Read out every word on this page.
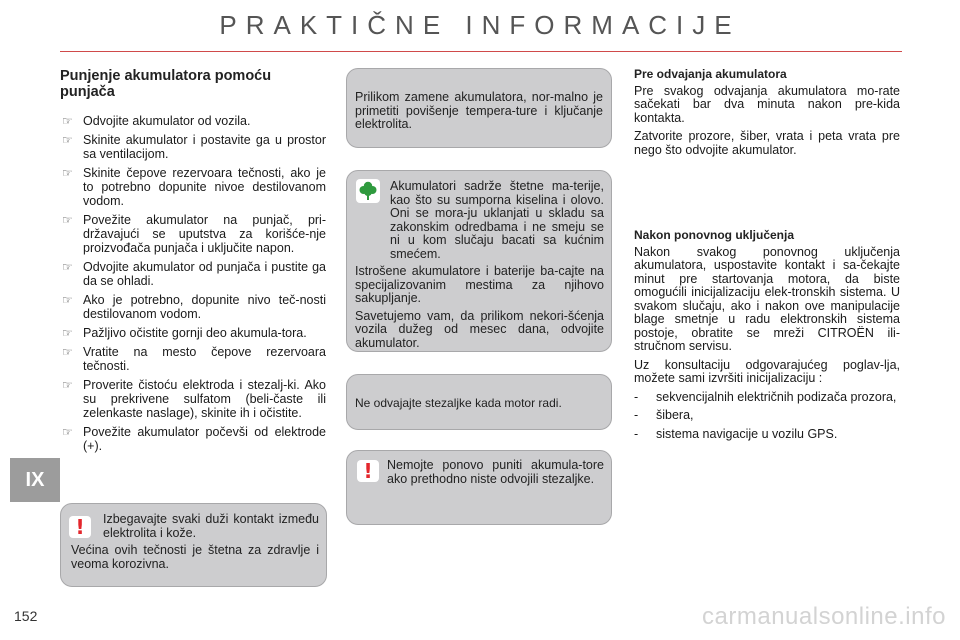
PRAKTIČNE INFORMACIJE
Punjenje akumulatora pomoću punjača
☞ Odvojite akumulator od vozila.
☞ Skinite akumulator i postavite ga u prostor sa ventilacijom.
☞ Skinite čepove rezervoara tečnosti, ako je to potrebno dopunite nivoe destilovanom vodom.
☞ Povežite akumulator na punjač, pri-državajući se uputstva za korišće-nje proizvođača punjača i uključite napon.
☞ Odvojite akumulator od punjača i pustite ga da se ohladi.
☞ Ako je potrebno, dopunite nivo teč-nosti destilovanom vodom.
☞ Pažljivo očistite gornji deo akumula-tora.
☞ Vratite na mesto čepove rezervoara tečnosti.
☞ Proverite čistoću elektroda i stezalj-ki. Ako su prekrivene sulfatom (beli-časte ili zelenkaste naslage), skinite ih i očistite.
☞ Povežite akumulator počevši od elektrode (+).
! Izbegavajte svaki duži kontakt između elektrolita i kože.

Većina ovih tečnosti je štetna za zdravlje i veoma korozivna.

Prilikom zamene akumulatora, nor-malno je primetiti povišenje tempera-ture i ključanje elektrolita.

Akumulatori sadrže štetne ma-terije, kao što su sumporna kiselina i olovo. Oni se mora-ju uklanjati u skladu sa zakonskim odredbama i ne smeju se ni u kom slučaju bacati sa kućnim smećem.

Istrošene akumulatore i baterije ba-cajte na specijalizovanim mestima za njihovo sakupljanje.

Savetujemo vam, da prilikom nekori-šćenja vozila dužeg od mesec dana, odvojite akumulator.

Ne odvajajte stezaljke kada motor radi.

! Nemojte ponovo puniti akumula-tore ako prethodno niste odvojili stezaljke.

Pre odvajanja akumulatora

Pre svakog odvajanja akumulatora mo-rate sačekati bar dva minuta nakon pre-kida kontakta.

Zatvorite prozore, šiber, vrata i peta vrata pre nego što odvojite akumulator.

Nakon ponovnog uključenja

Nakon svakog ponovnog uključenja akumulatora, uspostavite kontakt i sa-čekajte minut pre startovanja motora, da biste omogućili inicijalizaciju elek-tronskih sistema. U svakom slučaju, ako i nakon ove manipulacije blage smetnje u radu elektronskih sistema postoje, obratite se mreži CITROËN ili-stručnom servisu.

Uz konsultaciju odgovarajućeg poglav-lja, možete sami izvršiti inicijalizaciju :

- sekvencijalnih električnih podizača prozora,
- šibera,
- sistema navigacije u vozilu GPS.
IX
152	carmanualsonline.info
